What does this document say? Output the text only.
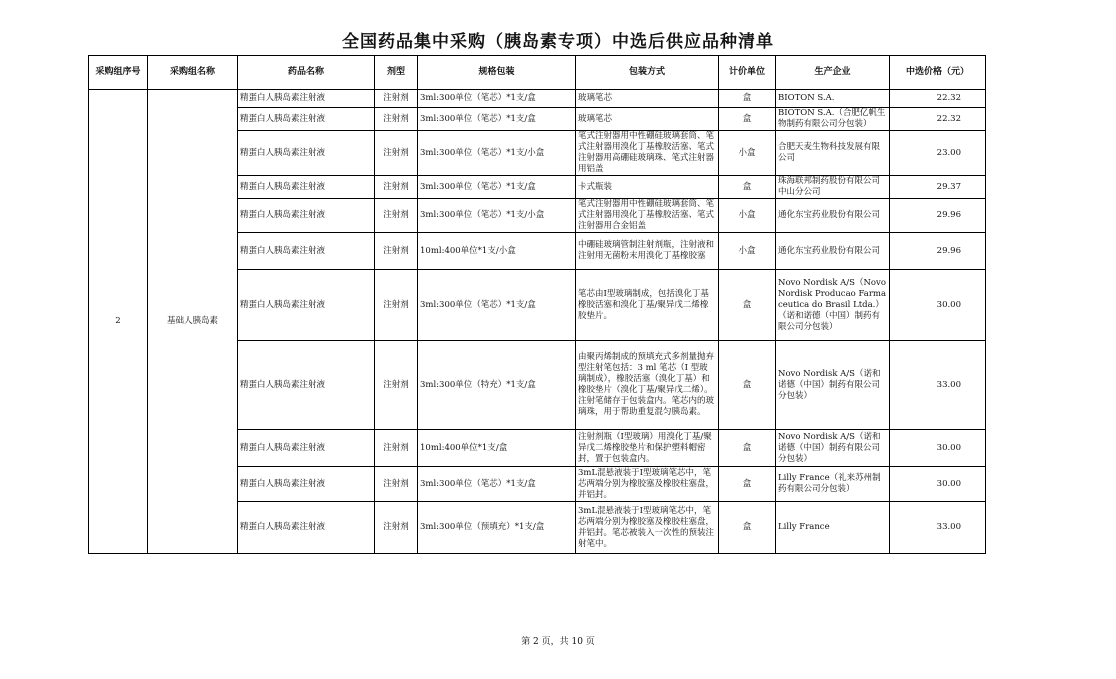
全国药品集中采购（胰岛素专项）中选后供应品种清单
采购组序号	采购组名称	药品名称	剂型	规格包装	包装方式	计价单位	生产企业	中选价格（元）
2	基础人胰岛素	精蛋白人胰岛素注射液	注射剂	3ml:300单位（笔芯）*1支/盒	玻璃笔芯	盒	BIOTON S.A.	22.32
		精蛋白人胰岛素注射液	注射剂	3ml:300单位（笔芯）*1支/盒	玻璃笔芯	盒	BIOTON S.A.（合肥亿帆生物制药有限公司分包装）	22.32
		精蛋白人胰岛素注射液	注射剂	3ml:300单位（笔芯）*1支/小盒	笔式注射器用中性硼硅玻璃套筒、笔式注射器用溴化丁基橡胶活塞、笔式注射器用高硼硅玻璃珠、笔式注射器用铝盖	小盒	合肥天麦生物科技发展有限公司	23.00
		精蛋白人胰岛素注射液	注射剂	3ml:300单位（笔芯）*1支/盒	卡式瓶装	盒	珠海联邦制药股份有限公司中山分公司	29.37
		精蛋白人胰岛素注射液	注射剂	3ml:300单位（笔芯）*1支/小盒	笔式注射器用中性硼硅玻璃套筒、笔式注射器用溴化丁基橡胶活塞、笔式注射器用合金铝盖	小盒	通化东宝药业股份有限公司	29.96
		精蛋白人胰岛素注射液	注射剂	10ml:400单位*1支/小盒	中硼硅玻璃管制注射剂瓶，注射液和注射用无菌粉末用溴化丁基橡胶塞	小盒	通化东宝药业股份有限公司	29.96
		精蛋白人胰岛素注射液	注射剂	3ml:300单位（笔芯）*1支/盒	笔芯由I型玻璃制成，包括溴化丁基橡胶活塞和溴化丁基/聚异戊二烯橡胶垫片。	盒	Novo Nordisk A/S（Novo Nordisk Producao Farmaceutica do Brasil Ltda.）（诺和诺德（中国）制药有限公司分包装）	30.00
		精蛋白人胰岛素注射液	注射剂	3ml:300单位（特充）*1支/盒	由聚丙烯制成的预填充式多剂量抛弃型注射笔包括：3 ml 笔芯（I 型玻璃制成），橡胶活塞（溴化丁基）和橡胶垫片（溴化丁基/聚异戊二烯）。注射笔储存于包装盒内。笔芯内的玻璃珠，用于帮助重复混匀胰岛素。	盒	Novo Nordisk A/S（诺和诺德（中国）制药有限公司分包装）	33.00
		精蛋白人胰岛素注射液	注射剂	10ml:400单位*1支/盒	注射剂瓶（I型玻璃）用溴化丁基/聚异戊二烯橡胶垫片和保护塑料帽密封，置于包装盒内。	盒	Novo Nordisk A/S（诺和诺德（中国）制药有限公司分包装）	30.00
		精蛋白人胰岛素注射液	注射剂	3ml:300单位（笔芯）*1支/盒	3mL混悬液装于I型玻璃笔芯中，笔芯两端分别为橡胶塞及橡胶柱塞盘，并铝封。	盒	Lilly France（礼来苏州制药有限公司分包装）	30.00
		精蛋白人胰岛素注射液	注射剂	3ml:300单位（预填充）*1支/盒	3mL混悬液装于I型玻璃笔芯中，笔芯两端分别为橡胶塞及橡胶柱塞盘，并铝封。笔芯被装入一次性的预装注射笔中。	盒	Lilly France	33.00
第 2 页，共 10 页
